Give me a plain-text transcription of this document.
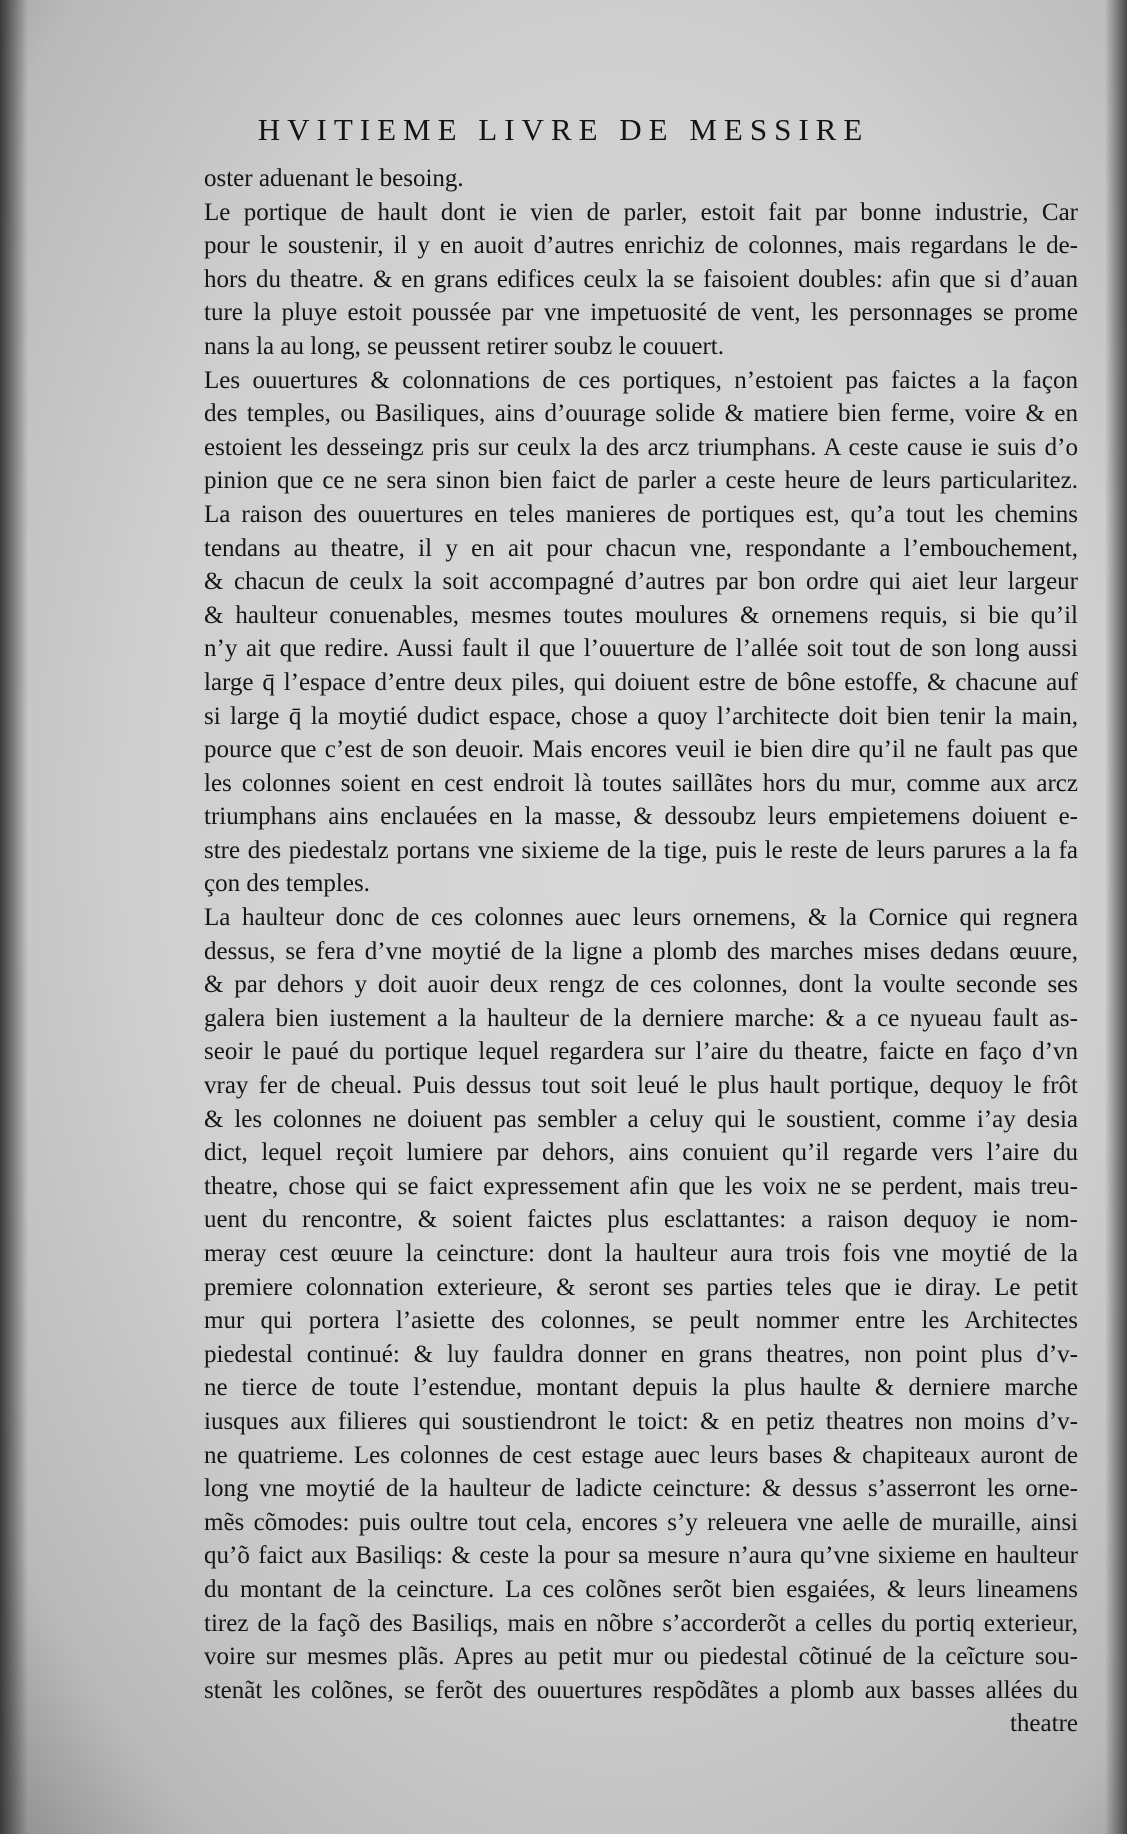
HVITIEME LIVRE DE MESSIRE
oster aduenant le besoing.
Le portique de hault dont ie vien de parler, estoit fait par bonne industrie, Car
pour le soustenir, il y en auoit d’autres enrichiz de colonnes, mais regardans le de-
hors du theatre. & en grans edifices ceulx la se faisoient doubles: afin que si d’auan
ture la pluye estoit poussée par vne impetuosité de vent, les personnages se prome
nans la au long, se peussent retirer soubz le couuert.
Les ouuertures & colonnations de ces portiques, n’estoient pas faictes a la façon
des temples, ou Basiliques, ains d’ouurage solide & matiere bien ferme, voire & en
estoient les desseingz pris sur ceulx la des arcz triumphans. A ceste cause ie suis d’o
pinion que ce ne sera sinon bien faict de parler a ceste heure de leurs particularitez.
La raison des ouuertures en teles manieres de portiques est, qu’a tout les chemins
tendans au theatre, il y en ait pour chacun vne, respondante a l’embouchement,
& chacun de ceulx la soit accompagné d’autres par bon ordre qui aiet leur largeur
& haulteur conuenables, mesmes toutes moulures & ornemens requis, si bie qu’il
n’y ait que redire. Aussi fault il que l’ouuerture de l’allée soit tout de son long aussi
large q̄ l’espace d’entre deux piles, qui doiuent estre de bône estoffe, & chacune auf
si large q̄ la moytié dudict espace, chose a quoy l’architecte doit bien tenir la main,
pource que c’est de son deuoir. Mais encores veuil ie bien dire qu’il ne fault pas que
les colonnes soient en cest endroit là toutes saillãtes hors du mur, comme aux arcz
triumphans ains enclauées en la masse, & dessoubz leurs empietemens doiuent e-
stre des piedestalz portans vne sixieme de la tige, puis le reste de leurs parures a la fa
çon des temples.
La haulteur donc de ces colonnes auec leurs ornemens, & la Cornice qui regnera
dessus, se fera d’vne moytié de la ligne a plomb des marches mises dedans œuure,
& par dehors y doit auoir deux rengz de ces colonnes, dont la voulte seconde ses
galera bien iustement a la haulteur de la derniere marche: & a ce nyueau fault as-
seoir le paué du portique lequel regardera sur l’aire du theatre, faicte en faço d’vn
vray fer de cheual. Puis dessus tout soit leué le plus hault portique, dequoy le frôt
& les colonnes ne doiuent pas sembler a celuy qui le soustient, comme i’ay desia
dict, lequel reçoit lumiere par dehors, ains conuient qu’il regarde vers l’aire du
theatre, chose qui se faict expressement afin que les voix ne se perdent, mais treu-
uent du rencontre, & soient faictes plus esclattantes: a raison dequoy ie nom-
meray cest œuure la ceincture: dont la haulteur aura trois fois vne moytié de la
premiere colonnation exterieure, & seront ses parties teles que ie diray. Le petit
mur qui portera l’asiette des colonnes, se peult nommer entre les Architectes
piedestal continué: & luy fauldra donner en grans theatres, non point plus d’v-
ne tierce de toute l’estendue, montant depuis la plus haulte & derniere marche
iusques aux filieres qui soustiendront le toict: & en petiz theatres non moins d’v-
ne quatrieme. Les colonnes de cest estage auec leurs bases & chapiteaux auront de
long vne moytié de la haulteur de ladicte ceincture: & dessus s’asserront les orne-
mẽs cõmodes: puis oultre tout cela, encores s’y releuera vne aelle de muraille, ainsi
qu’õ faict aux Basiliqs: & ceste la pour sa mesure n’aura qu’vne sixieme en haulteur
du montant de la ceincture. La ces colõnes serõt bien esgaiées, & leurs lineamens
tirez de la façõ des Basiliqs, mais en nõbre s’accorderõt a celles du portiq exterieur,
voire sur mesmes plãs. Apres au petit mur ou piedestal cõtinué de la ceĩcture sou-
stenãt les colõnes, se ferõt des ouuertures respõdãtes a plomb aux basses allées du
theatre
